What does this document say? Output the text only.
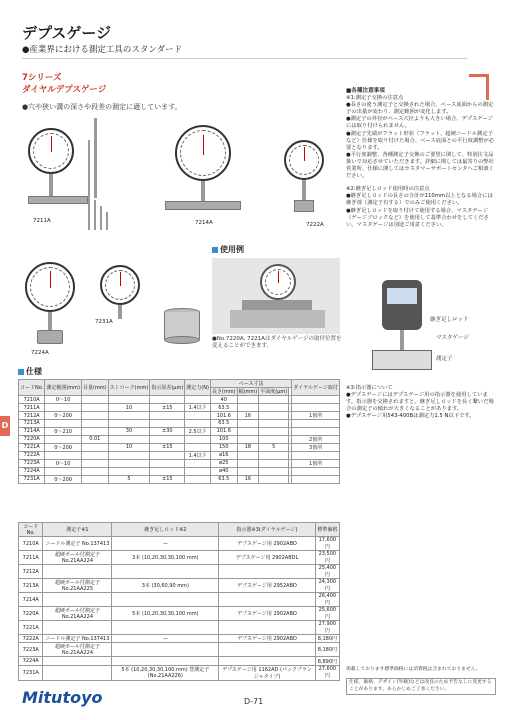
デプスゲージ
●産業界における測定工具のスタンダード
7シリーズ
ダイヤルデプスゲージ
●穴や狭い溝の深さや段差の測定に適しています。
D
7211A	7214A	7222A
7224A
7231A
使用例
継ぎ足しロッド
マスタゲージ
測定子
●No.7220A, 7221Aはダイヤルゲージの取付位置を変えることができます。

■各種注意事項

※1:測定子交換の注意点

●長さの違う測定子と交換された場合、ベース底面からの測定子の出量が変わり、測定範囲が変化します。

●測定子の外径がベース穴径よりも大きい場合、デプスゲージには取り付けられません。

●測定子先端がフラット形状（フラット、超硬ニードル測定子など）仕様を取り付けた場合、ベース底面との平行度調整が必要となります。

●平行度調整、各種測定子交換のご要望に関して、特別注文品扱いで対応させていただきます。詳細に関しては最寄りの弊社営業所、仕様に関してはカスタマーサポートセンタへご相談ください。

※2:継ぎ足しロッド使用時の注意点

●継ぎ足しロッドの長さの合計が110mm以上となる場合には継ぎ部（測定子有する）でのみご使用ください。

●継ぎ足しロッドを取り付けて使用する場合、マスタゲージ（ゲージブロックなど）を使用して基準合わせをしてください。マスタゲージは別途ご用意ください。

※3:指示器について

●デプスゲージにはデプスゲージ用の指示器を使用しています。指示器を交換されますと、継ぎ足しロッドを長く繋いだ場合の測定子の傾れが大きくなることがあります。

●デプスゲージ用543-400Bは測定力1.5 N以下です。

仕様
コードNo.	測定範囲(mm)	目量(mm)	ストローク(mm)	指示誤差(µm)	測定力(N)	ベース寸法				ダイヤルゲージ取付
						長さ(mm)	幅(mm)	平面度(µm)		
7210A	0〜10					40				
7211A			10	±15	1.4以下	63.5				
7212A	0〜200					101.6	16			1箇所
7213A						63.5				
7214A	0〜210		30	±30	2.5以下	101.6				
7220A		0.01				100				2箇所
7221A	0〜200		10	±15		150	18	5		3箇所
7222A					1.4以下	ø16				
7223A	0〜10					ø25				1箇所
7224A						ø40				
7231A	0〜200		5	±15		63.5	16			
コードNo.	測定子※1	継ぎ足しロッド※2	指示器※3(ダイヤルゲージ)	標準価格
7210A	ニードル測定子 No.137413	—	デプスゲージ用 2902ABD	17,600円
7211A	超硬ボール付測定子 No.21AA224	3本 (10,20,30,30,100 mm)	デプスゲージ用 2902ABDL	23,500円
7212A				25,400円
7213A	超硬ボール付測定子 No.21AA225	3本 (30,60,90 mm)	デプスゲージ用 2952ABD	24,300円
7214A				26,400円
7220A	超硬ボール付測定子 No.21AA224	5本 (10,20,30,30,100 mm)	デプスゲージ用 2902ABD	25,600円
7221A				27,900円
7222A	ニードル測定子 No.137413	—	デプスゲージ用 2902ABD	8,180円
7223A	超硬ボール付測定子 No.21AA224			8,180円
7224A				8,890円
7231A		5本 (10,20,30,30,100 mm) 替測定子 (No.21AA226)	デプスゲージ用 1162AD (パックプランジャタイプ)	27,600円
掲載しております標準価格には消費税は含まれておりません。
仕様、価格、デザイン(外観)などは改良のため予告なしに変更することがあります。あらかじめご了承ください。
Mitutoyo	D-71
